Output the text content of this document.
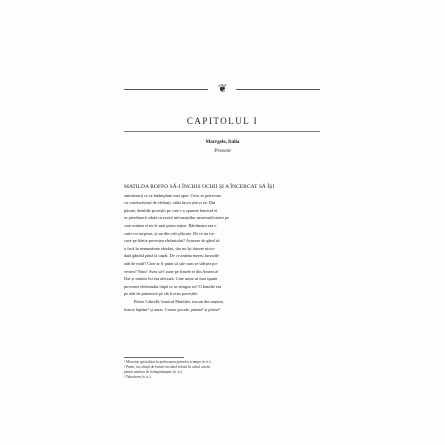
❦
CAPITOLUL I
Marrgele, Italia
Prezent

MATILDA ROFFO SĂ-I ÎNCHIS OCHII ȘI A ÎNCERCAT SĂ ÎȘI

amintească ce se întâmplase mai apoi. Ceva se petrecuse
cu conducătorul de elefanți, atâta lucru știa și ea. Din
păcate, detaliile poveștii pe care i-o spusese bunicul ei
se pierduseră odată cu restul informațiilor nesemnificative pe
care mintea ei nu le mai putea reține. Bătrânețea era o
cutie cu surprize, și nu din cele plăcute. De ce nu tre-
cuse pe hârtie povestea elefantului? Avusese de gând să
o facă în nenumărate rânduri, dar nu își dusese nicio-
dată gândul până la capăt. De ce amâna mereu lucrurile
atât de mult? Cine ar fi putut să știe cum se sfârșea po-
vestea? Nino! Avea să-l sune pe fratele ei din America!
Dar și mintea lui era afectată. Cine urma să mai spună
povestea elefantului după ce se stingea ea? O familie era
pe atât de puternică pe cât îi erau poveștile.
Pietro Cabrelli, bunicul Matildei, toscan din naștere,
fusese lapidar¹ și aurar. Crease pocale, patene² și pixise³

¹ Meseriaș specializat în prelucrarea pietrelor scumpe (n. tr.).

² Paten, vas sfințit de formă circulară folosit în cultul catolic

pentru anafura de la împărtășanie (n. tr.).

³ Tabachere (n. tr.).
